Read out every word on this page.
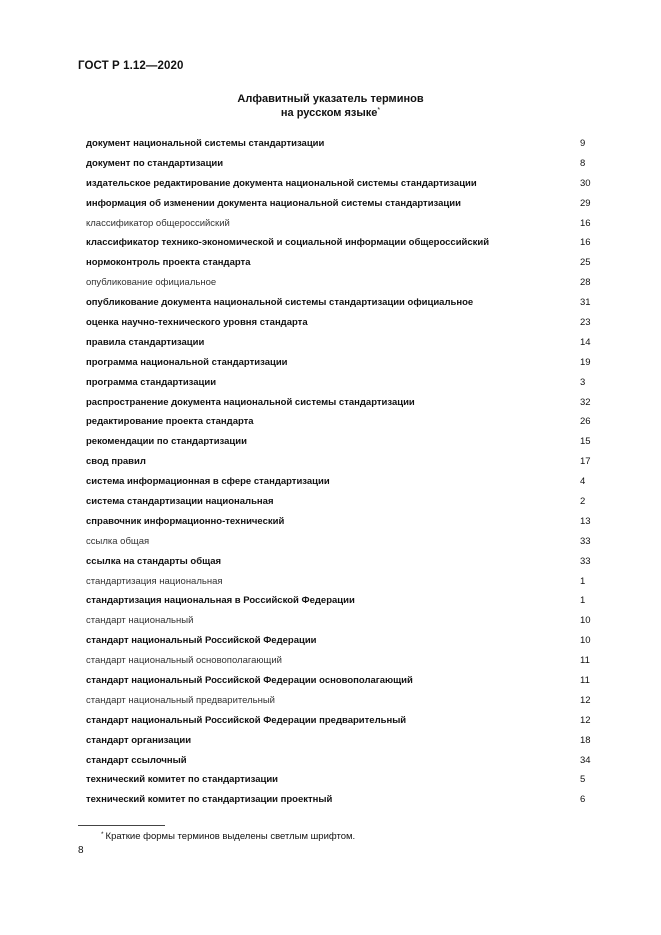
ГОСТ Р 1.12—2020
Алфавитный указатель терминов
на русском языке*
документ национальной системы стандартизации	9
документ по стандартизации	8
издательское редактирование документа национальной системы стандартизации	30
информация об изменении документа национальной системы стандартизации	29
классификатор общероссийский	16
классификатор технико-экономической и социальной информации общероссийский	16
нормоконтроль проекта стандарта	25
опубликование официальное	28
опубликование документа национальной системы стандартизации официальное	31
оценка научно-технического уровня стандарта	23
правила стандартизации	14
программа национальной стандартизации	19
программа стандартизации	3
распространение документа национальной системы стандартизации	32
редактирование проекта стандарта	26
рекомендации по стандартизации	15
свод правил	17
система информационная в сфере стандартизации	4
система стандартизации национальная	2
справочник информационно-технический	13
ссылка общая	33
ссылка на стандарты общая	33
стандартизация национальная	1
стандартизация национальная в Российской Федерации	1
стандарт национальный	10
стандарт национальный Российской Федерации	10
стандарт национальный основополагающий	11
стандарт национальный Российской Федерации основополагающий	11
стандарт национальный предварительный	12
стандарт национальный Российской Федерации предварительный	12
стандарт организации	18
стандарт ссылочный	34
технический комитет по стандартизации	5
технический комитет по стандартизации проектный	6
* Краткие формы терминов выделены светлым шрифтом.
8
